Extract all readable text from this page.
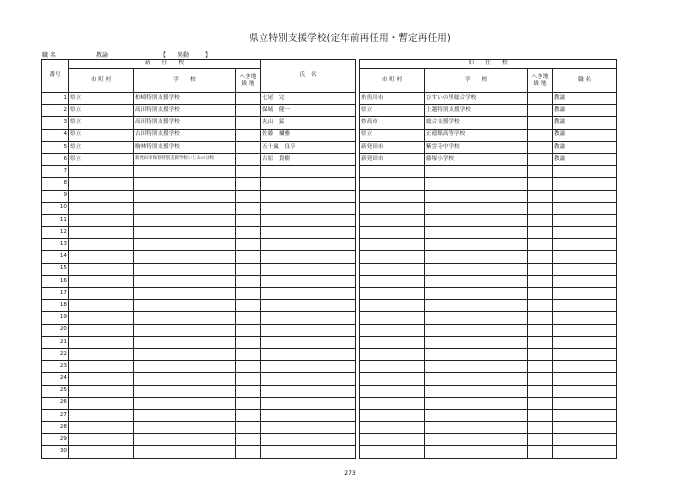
県立特別支援学校(定年前再任用・暫定再任用)
職 名	教諭	【 異動	】
番号	新　　任　　校			氏　名		旧　　任　　校			
	市 町 村	学　　校	へき地
級 地			市 町 村	学　　校	へき地
級 地	職 名
1	県立	柏崎特別支援学校		七尾　完		糸魚川市	ひすいの里総合学校		教諭
2	県立	高田特別支援学校		保城　健一		県立	上越特別支援学校		教諭
3	県立	高田特別支援学校		丸山　猛		妙高市	総合支援学校		教諭
4	県立	吉田特別支援学校		佐藤　禰雅		県立	正徳館高等学校		教諭
5	県立	駒林特別支援学校		五十嵐　良亨		新発田市	紫雲寺中学校		教諭
6	県立	新発田市保育特別支援学校いじみの分校		吉原　貴樹		新発田市	藤塚小学校		教諭
7									
8									
9									
10									
11									
12									
13									
14									
15									
16									
17									
18									
19									
20									
21									
22									
23									
24									
25									
26									
27									
28									
29									
30									
273
